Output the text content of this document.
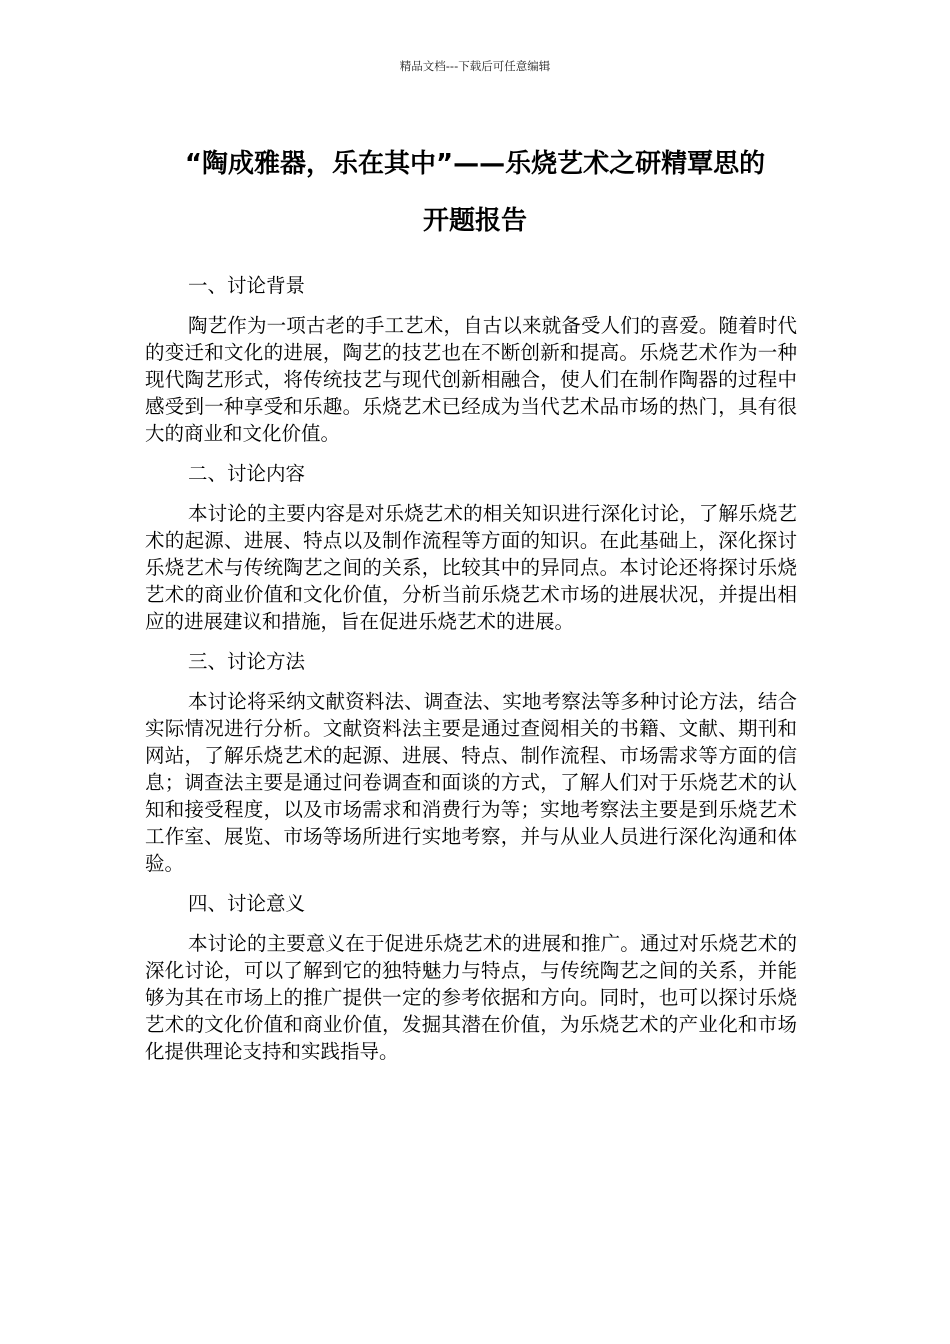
精品文档---下载后可任意编辑
“陶成雅器，乐在其中”——乐烧艺术之研精覃思的
开题报告

一、讨论背景

陶艺作为一项古老的手工艺术，自古以来就备受人们的喜爱。随着时代的变迁和文化的进展，陶艺的技艺也在不断创新和提高。乐烧艺术作为一种现代陶艺形式，将传统技艺与现代创新相融合，使人们在制作陶器的过程中感受到一种享受和乐趣。乐烧艺术已经成为当代艺术品市场的热门，具有很大的商业和文化价值。

二、讨论内容

本讨论的主要内容是对乐烧艺术的相关知识进行深化讨论，了解乐烧艺术的起源、进展、特点以及制作流程等方面的知识。在此基础上，深化探讨乐烧艺术与传统陶艺之间的关系，比较其中的异同点。本讨论还将探讨乐烧艺术的商业价值和文化价值，分析当前乐烧艺术市场的进展状况，并提出相应的进展建议和措施，旨在促进乐烧艺术的进展。

三、讨论方法

本讨论将采纳文献资料法、调查法、实地考察法等多种讨论方法，结合实际情况进行分析。文献资料法主要是通过查阅相关的书籍、文献、期刊和网站，了解乐烧艺术的起源、进展、特点、制作流程、市场需求等方面的信息；调查法主要是通过问卷调查和面谈的方式，了解人们对于乐烧艺术的认知和接受程度，以及市场需求和消费行为等；实地考察法主要是到乐烧艺术工作室、展览、市场等场所进行实地考察，并与从业人员进行深化沟通和体验。

四、讨论意义

本讨论的主要意义在于促进乐烧艺术的进展和推广。通过对乐烧艺术的深化讨论，可以了解到它的独特魅力与特点，与传统陶艺之间的关系，并能够为其在市场上的推广提供一定的参考依据和方向。同时，也可以探讨乐烧艺术的文化价值和商业价值，发掘其潜在价值，为乐烧艺术的产业化和市场化提供理论支持和实践指导。
